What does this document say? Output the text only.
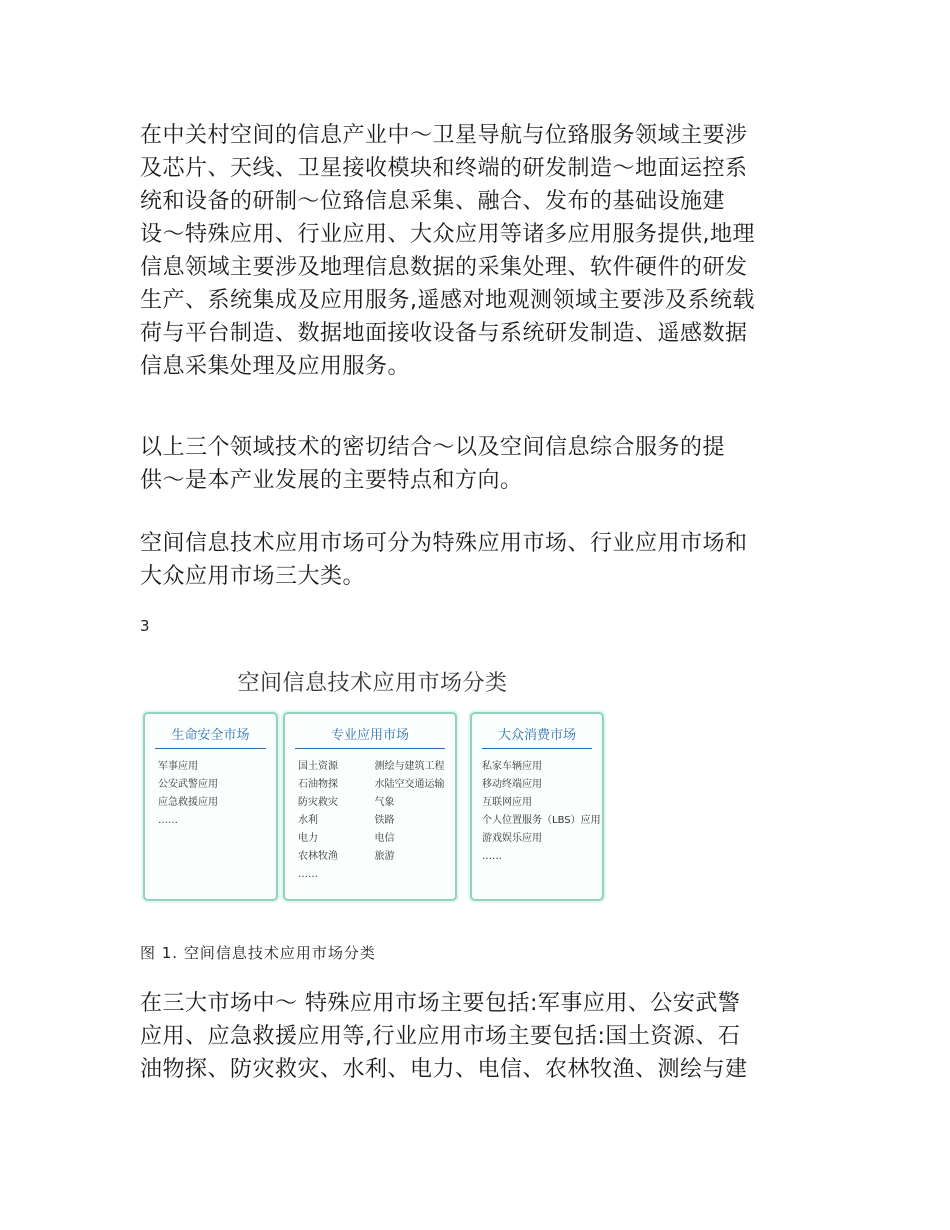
在中关村空间的信息产业中～卫星导航与位臵服务领域主要涉
及芯片、天线、卫星接收模块和终端的研发制造～地面运控系
统和设备的研制～位臵信息采集、融合、发布的基础设施建
设～特殊应用、行业应用、大众应用等诸多应用服务提供,地理
信息领域主要涉及地理信息数据的采集处理、软件硬件的研发
生产、系统集成及应用服务,遥感对地观测领域主要涉及系统载
荷与平台制造、数据地面接收设备与系统研发制造、遥感数据
信息采集处理及应用服务。

以上三个领域技术的密切结合～以及空间信息综合服务的提
供～是本产业发展的主要特点和方向。

空间信息技术应用市场可分为特殊应用市场、行业应用市场和
大众应用市场三大类。

3
空间信息技术应用市场分类
生命安全市场
军事应用
公安武警应用
应急救援应用
……
专业应用市场
国土资源
石油物探
防灾救灾
水利
电力
农林牧渔
……
测绘与建筑工程
水陆空交通运输
气象
铁路
电信
旅游
大众消费市场
私家车辆应用
移动终端应用
互联网应用
个人位置服务（LBS）应用
游戏娱乐应用
……
图 1. 空间信息技术应用市场分类

在三大市场中～ 特殊应用市场主要包括:军事应用、公安武警
应用、应急救援应用等,行业应用市场主要包括:国土资源、石
油物探、防灾救灾、水利、电力、电信、农林牧渔、测绘与建
